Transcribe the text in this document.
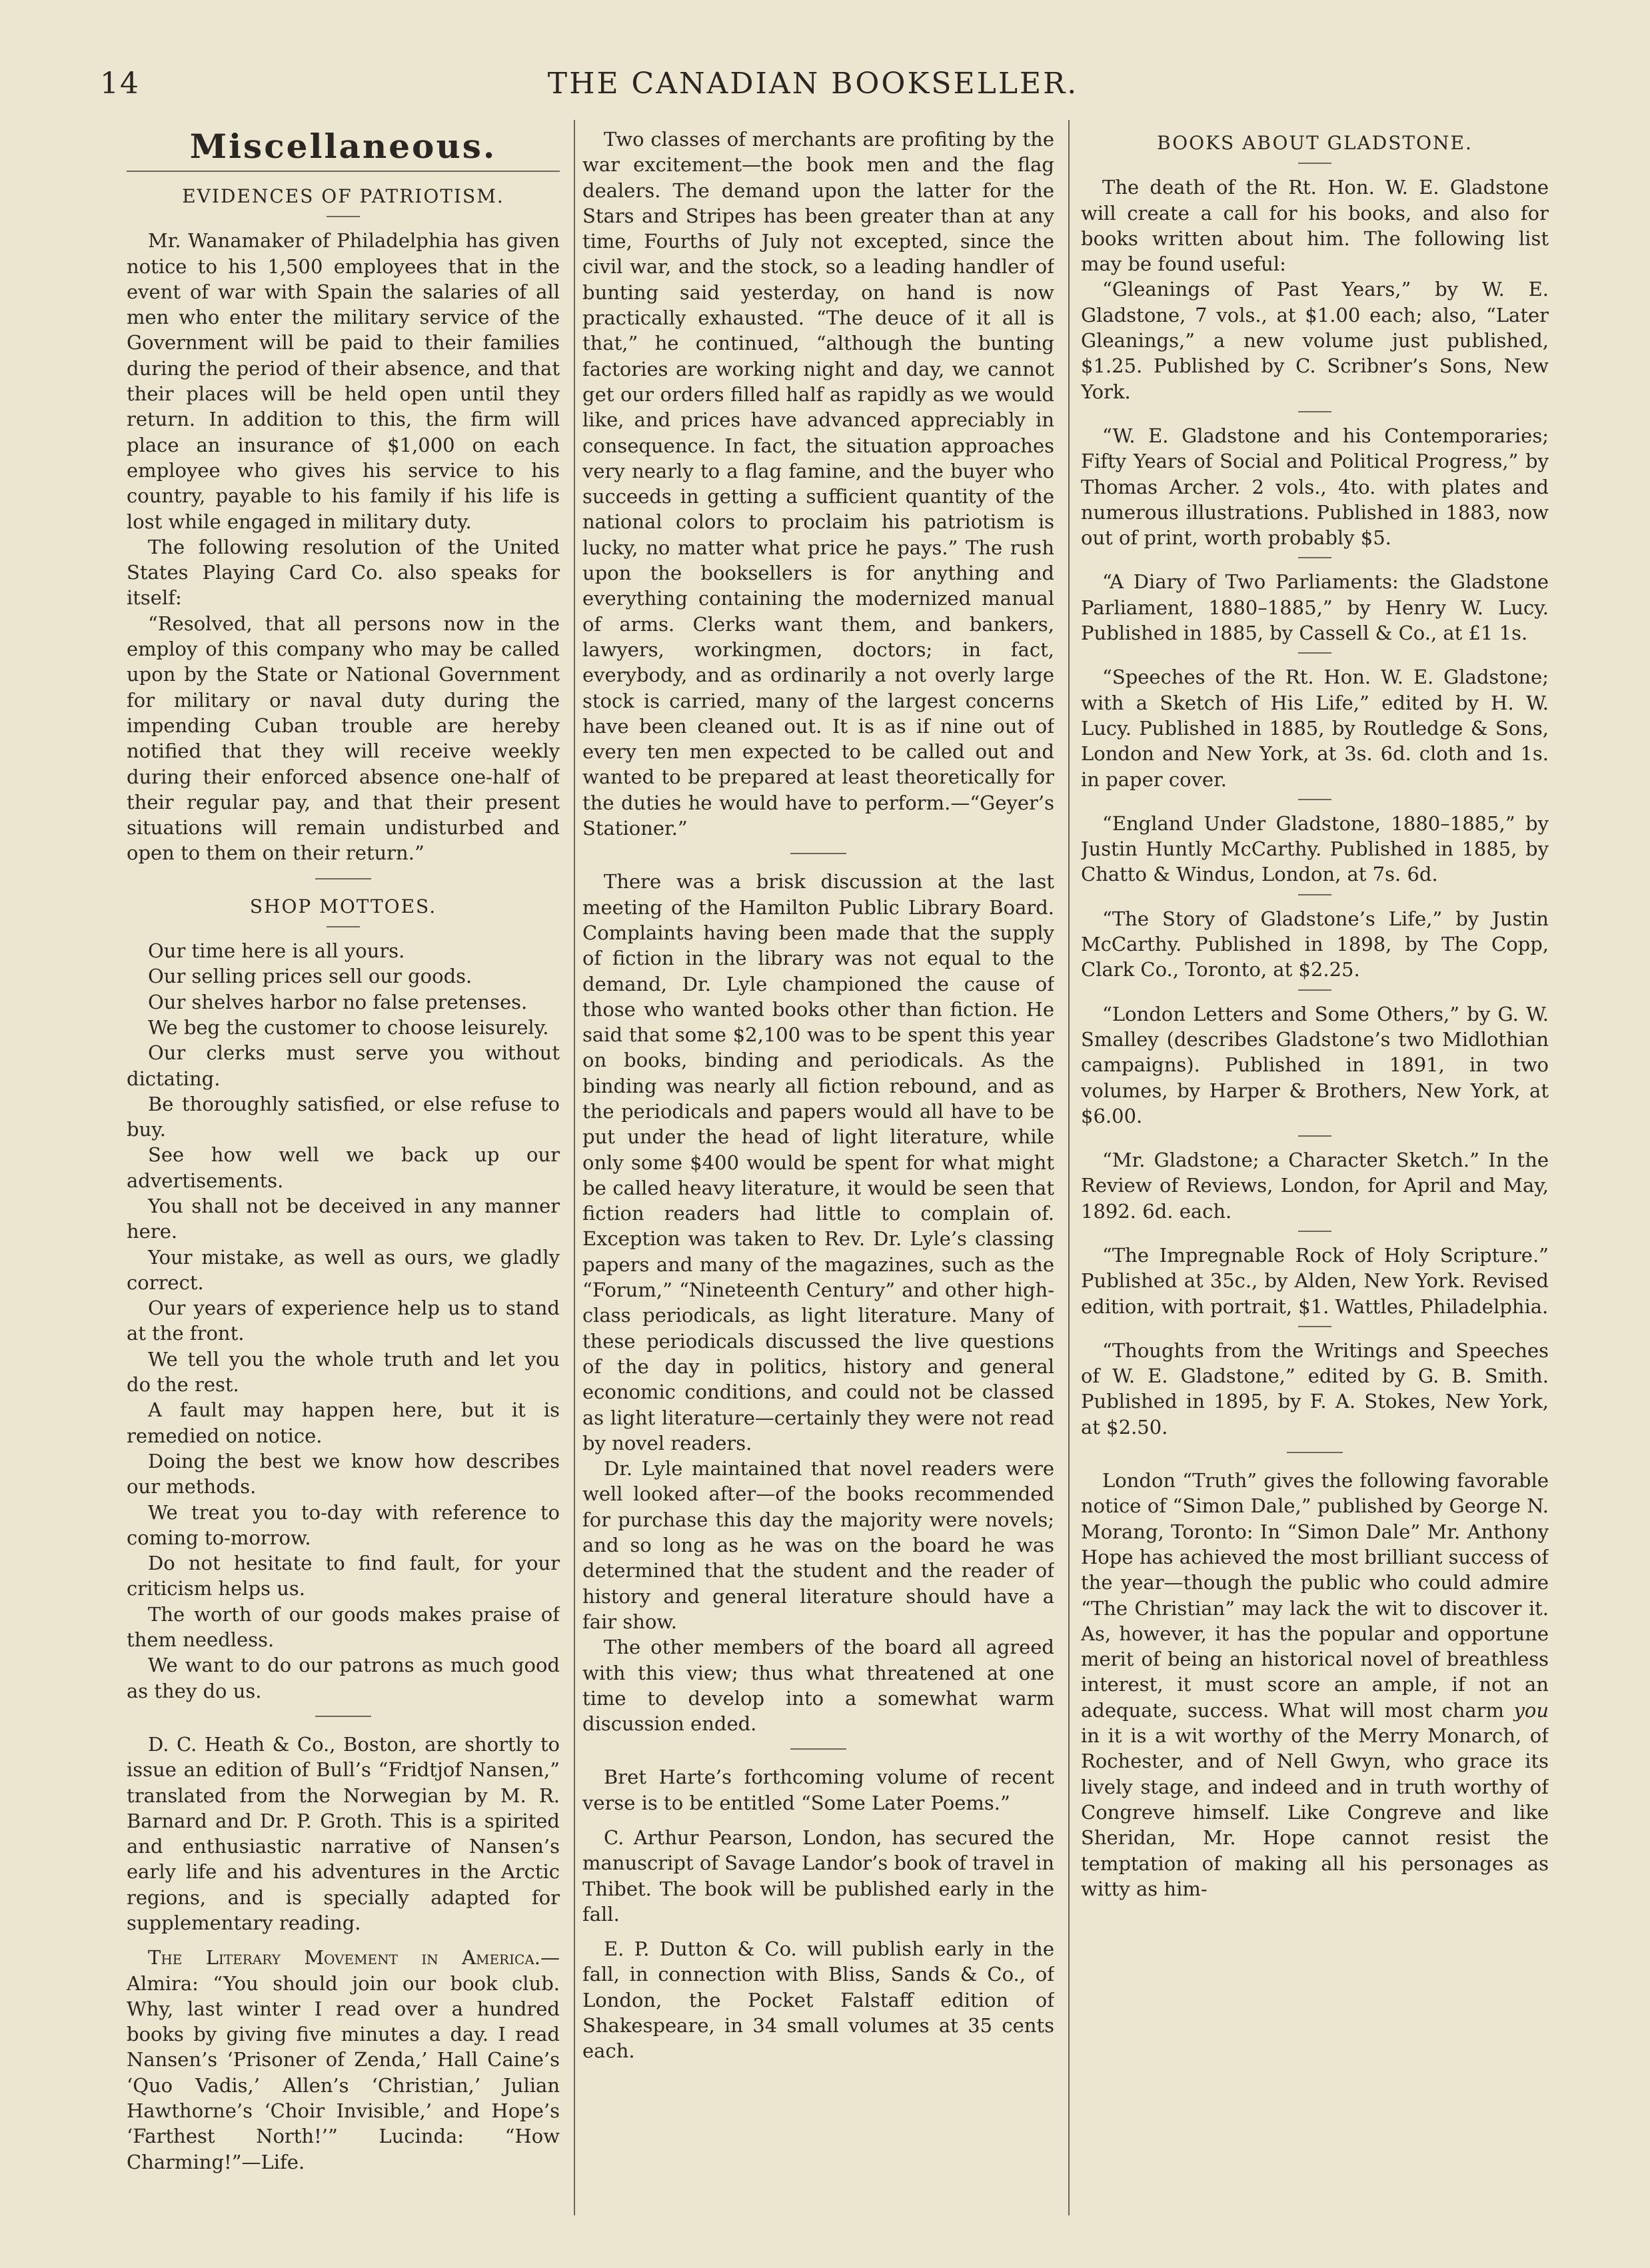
14	THE CANADIAN BOOKSELLER.
Miscellaneous.
EVIDENCES OF PATRIOTISM.

Mr. Wanamaker of Philadelphia has given notice to his 1,500 employees that in the event of war with Spain the salaries of all men who enter the military service of the Government will be paid to their families during the period of their absence, and that their places will be held open until they return. In addition to this, the firm will place an insurance of $1,000 on each employee who gives his service to his country, payable to his family if his life is lost while engaged in military duty.

The following resolution of the United States Playing Card Co. also speaks for itself:

“Resolved, that all persons now in the employ of this company who may be called upon by the State or National Government for military or naval duty during the impending Cuban trouble are hereby notified that they will receive weekly during their enforced absence one-half of their regular pay, and that their present situations will remain undisturbed and open to them on their return.”

SHOP MOTTOES.

Our time here is all yours.

Our selling prices sell our goods.

Our shelves harbor no false pretenses.

We beg the customer to choose leisurely.

Our clerks must serve you without dictating.

Be thoroughly satisfied, or else refuse to buy.

See how well we back up our advertisements.

You shall not be deceived in any manner here.

Your mistake, as well as ours, we gladly correct.

Our years of experience help us to stand at the front.

We tell you the whole truth and let you do the rest.

A fault may happen here, but it is remedied on notice.

Doing the best we know how describes our methods.

We treat you to-day with reference to coming to-morrow.

Do not hesitate to find fault, for your criticism helps us.

The worth of our goods makes praise of them needless.

We want to do our patrons as much good as they do us.

D. C. Heath & Co., Boston, are shortly to issue an edition of Bull’s “Fridtjof Nansen,” translated from the Norwegian by M. R. Barnard and Dr. P. Groth. This is a spirited and enthusiastic narrative of Nansen’s early life and his adventures in the Arctic regions, and is specially adapted for supplementary reading.

The Literary Movement in America.— Almira: “You should join our book club. Why, last winter I read over a hundred books by giving five minutes a day. I read Nansen’s ‘Prisoner of Zenda,’ Hall Caine’s ‘Quo Vadis,’ Allen’s ‘Christian,’ Julian Hawthorne’s ‘Choir Invisible,’ and Hope’s ‘Farthest North!’” Lucinda: “How Charming!”—Life.

Two classes of merchants are profiting by the war excitement—the book men and the flag dealers. The demand upon the latter for the Stars and Stripes has been greater than at any time, Fourths of July not excepted, since the civil war, and the stock, so a leading handler of bunting said yesterday, on hand is now practically exhausted. “The deuce of it all is that,” he continued, “although the bunting factories are working night and day, we cannot get our orders filled half as rapidly as we would like, and prices have advanced appreciably in consequence. In fact, the situation approaches very nearly to a flag famine, and the buyer who succeeds in getting a sufficient quantity of the national colors to proclaim his patriotism is lucky, no matter what price he pays.” The rush upon the booksellers is for anything and everything containing the modernized manual of arms. Clerks want them, and bankers, lawyers, workingmen, doctors; in fact, everybody, and as ordinarily a not overly large stock is carried, many of the largest concerns have been cleaned out. It is as if nine out of every ten men expected to be called out and wanted to be prepared at least theoretically for the duties he would have to perform.—“Geyer’s Stationer.”

There was a brisk discussion at the last meeting of the Hamilton Public Library Board. Complaints having been made that the supply of fiction in the library was not equal to the demand, Dr. Lyle championed the cause of those who wanted books other than fiction. He said that some $2,100 was to be spent this year on books, binding and periodicals. As the binding was nearly all fiction rebound, and as the periodicals and papers would all have to be put under the head of light literature, while only some $400 would be spent for what might be called heavy literature, it would be seen that fiction readers had little to complain of. Exception was taken to Rev. Dr. Lyle’s classing papers and many of the magazines, such as the “Forum,” “Nineteenth Century” and other high-class periodicals, as light literature. Many of these periodicals discussed the live questions of the day in politics, history and general economic conditions, and could not be classed as light literature—certainly they were not read by novel readers.

Dr. Lyle maintained that novel readers were well looked after—of the books recommended for purchase this day the majority were novels; and so long as he was on the board he was determined that the student and the reader of history and general literature should have a fair show.

The other members of the board all agreed with this view; thus what threatened at one time to develop into a somewhat warm discussion ended.

Bret Harte’s forthcoming volume of recent verse is to be entitled “Some Later Poems.”

C. Arthur Pearson, London, has secured the manuscript of Savage Landor’s book of travel in Thibet. The book will be published early in the fall.

E. P. Dutton & Co. will publish early in the fall, in connection with Bliss, Sands & Co., of London, the Pocket Falstaff edition of Shakespeare, in 34 small volumes at 35 cents each.

BOOKS ABOUT GLADSTONE.

The death of the Rt. Hon. W. E. Gladstone will create a call for his books, and also for books written about him. The following list may be found useful:

“Gleanings of Past Years,” by W. E. Gladstone, 7 vols., at $1.00 each; also, “Later Gleanings,” a new volume just published, $1.25. Published by C. Scribner’s Sons, New York.

“W. E. Gladstone and his Contemporaries; Fifty Years of Social and Political Progress,” by Thomas Archer. 2 vols., 4to. with plates and numerous illustrations. Published in 1883, now out of print, worth probably $5.

“A Diary of Two Parliaments: the Gladstone Parliament, 1880–1885,” by Henry W. Lucy. Published in 1885, by Cassell & Co., at £1 1s.

“Speeches of the Rt. Hon. W. E. Gladstone; with a Sketch of His Life,” edited by H. W. Lucy. Published in 1885, by Routledge & Sons, London and New York, at 3s. 6d. cloth and 1s. in paper cover.

“England Under Gladstone, 1880–1885,” by Justin Huntly McCarthy. Published in 1885, by Chatto & Windus, London, at 7s. 6d.

“The Story of Gladstone’s Life,” by Justin McCarthy. Published in 1898, by The Copp, Clark Co., Toronto, at $2.25.

“London Letters and Some Others,” by G. W. Smalley (describes Gladstone’s two Midlothian campaigns). Published in 1891, in two volumes, by Harper & Brothers, New York, at $6.00.

“Mr. Gladstone; a Character Sketch.” In the Review of Reviews, London, for April and May, 1892. 6d. each.

“The Impregnable Rock of Holy Scripture.” Published at 35c., by Alden, New York. Revised edition, with portrait, $1. Wattles, Philadelphia.

“Thoughts from the Writings and Speeches of W. E. Gladstone,” edited by G. B. Smith. Published in 1895, by F. A. Stokes, New York, at $2.50.

London “Truth” gives the following favorable notice of “Simon Dale,” published by George N. Morang, Toronto: In “Simon Dale” Mr. Anthony Hope has achieved the most brilliant success of the year—though the public who could admire “The Christian” may lack the wit to discover it. As, however, it has the popular and opportune merit of being an historical novel of breathless interest, it must score an ample, if not an adequate, success. What will most charm you in it is a wit worthy of the Merry Monarch, of Rochester, and of Nell Gwyn, who grace its lively stage, and indeed and in truth worthy of Congreve himself. Like Congreve and like Sheridan, Mr. Hope cannot resist the temptation of making all his personages as witty as him-
